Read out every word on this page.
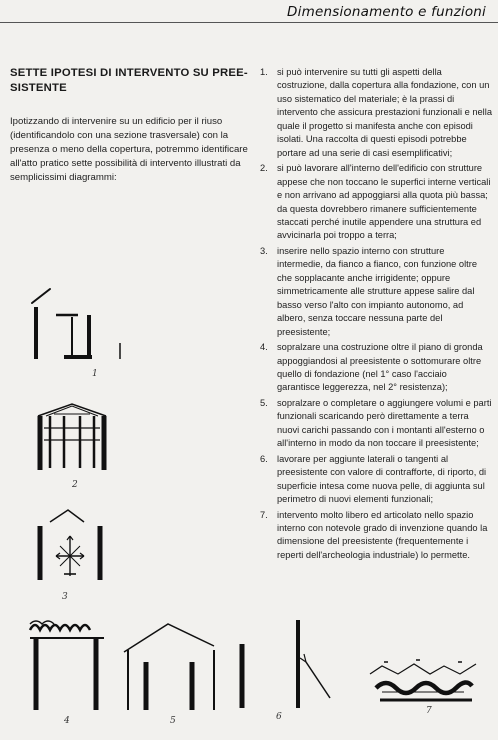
Dimensionamento e funzioni
SETTE IPOTESI DI INTERVENTO SU PREE-SISTENTE

Ipotizzando di intervenire su un edificio per il riuso (identificandolo con una sezione trasversale) con la presenza o meno della copertura, potremmo identificare all'atto pratico sette possibilità di intervento illustrati da semplicissimi diagrammi:

1. si può intervenire su tutti gli aspetti della costruzione, dalla copertura alla fondazione, con un uso sistematico del materiale; è la prassi di intervento che assicura prestazioni funzionali e nella quale il progetto si manifesta anche con episodi isolati. Una raccolta di questi episodi potrebbe portare ad una serie di casi esemplificativi;
2. si può lavorare all'interno dell'edificio con strutture appese che non toccano le superfici interne verticali e non arrivano ad appoggiarsi alla quota più bassa; da questa dovrebbero rimanere sufficientemente staccati perché inutile appendere una struttura ed avvicinarla poi troppo a terra;
3. inserire nello spazio interno con strutture intermedie, da fianco a fianco, con funzione oltre che sopplacante anche irrigidente; oppure simmetricamente alle strutture appese salire dal basso verso l'alto con impianto autonomo, ad albero, senza toccare nessuna parte del preesistente;
4. sopralzare una costruzione oltre il piano di gronda appoggiandosi al preesistente o sottomurare oltre quello di fondazione (nel 1° caso l'acciaio garantisce leggerezza, nel 2° resistenza);
5. sopralzare o completare o aggiungere volumi e parti funzionali scaricando però direttamente a terra nuovi carichi passando con i montanti all'esterno o all'interno in modo da non toccare il preesistente;
6. lavorare per aggiunte laterali o tangenti al preesistente con valore di contrafforte, di riporto, di superficie intesa come nuova pelle, di aggiunta sul perimetro di nuovi elementi funzionali;
7. intervento molto libero ed articolato nello spazio interno con notevole grado di invenzione quando la dimensione del preesistente (frequentemente i reperti dell'archeologia industriale) lo permette.
1
2
3
4	5	6
7
